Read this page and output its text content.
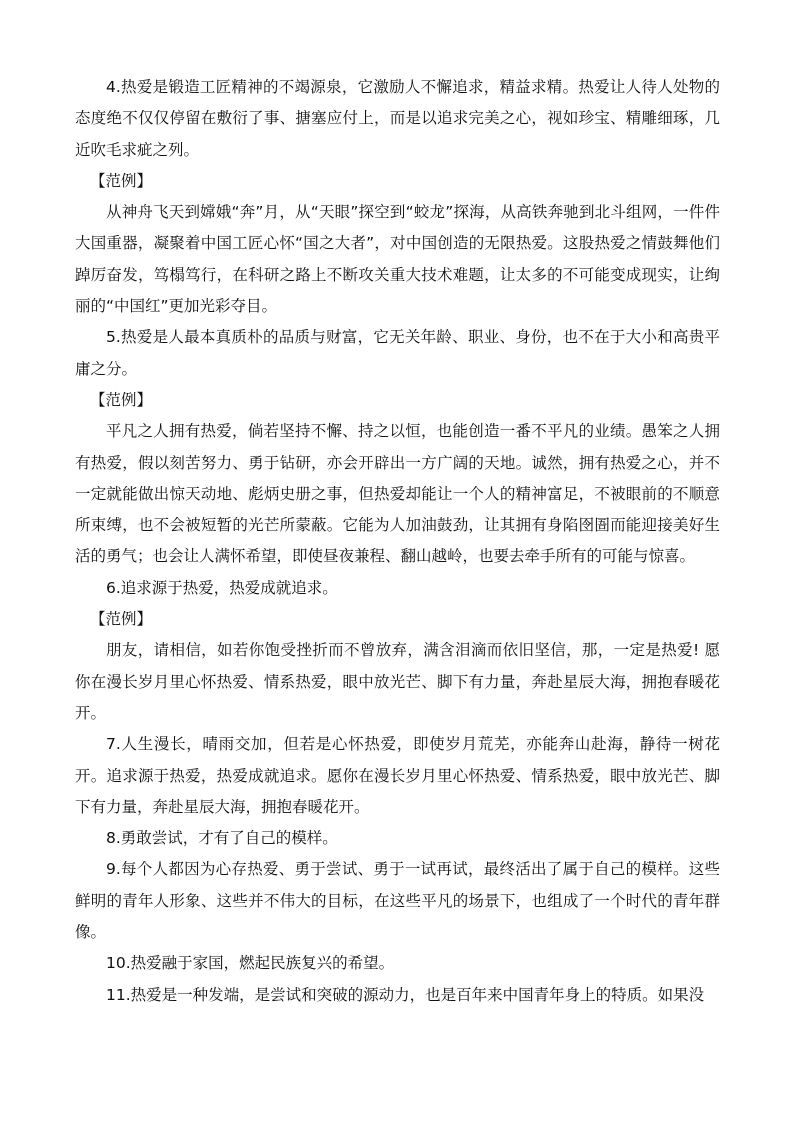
4.热爱是锻造工匠精神的不竭源泉，它激励人不懈追求，精益求精。热爱让人待人处物的态度绝不仅仅停留在敷衍了事、搪塞应付上，而是以追求完美之心，视如珍宝、精雕细琢，几近吹毛求疵之列。

【范例】

从神舟飞天到嫦娥“奔”月，从“天眼”探空到“蛟龙”探海，从高铁奔驰到北斗组网，一件件大国重器，凝聚着中国工匠心怀“国之大者”，对中国创造的无限热爱。这股热爱之情鼓舞他们踔厉奋发，笃榻笃行，在科研之路上不断攻关重大技术难题，让太多的不可能变成现实，让绚丽的“中国红”更加光彩夺目。

5.热爱是人最本真质朴的品质与财富，它无关年龄、职业、身份，也不在于大小和高贵平庸之分。

【范例】

平凡之人拥有热爱，倘若坚持不懈、持之以恒，也能创造一番不平凡的业绩。愚笨之人拥有热爱，假以刻苦努力、勇于钻研，亦会开辟出一方广阔的天地。诚然，拥有热爱之心，并不一定就能做出惊天动地、彪炳史册之事，但热爱却能让一个人的精神富足，不被眼前的不顺意所束缚，也不会被短暂的光芒所蒙蔽。它能为人加油鼓劲，让其拥有身陷囹圄而能迎接美好生活的勇气；也会让人满怀希望，即使昼夜兼程、翻山越岭，也要去牵手所有的可能与惊喜。

6.追求源于热爱，热爱成就追求。

【范例】

朋友，请相信，如若你饱受挫折而不曾放弃，满含泪滴而依旧坚信，那，一定是热爱! 愿你在漫长岁月里心怀热爱、情系热爱，眼中放光芒、脚下有力量，奔赴星辰大海，拥抱春暖花开。

7.人生漫长，晴雨交加，但若是心怀热爱，即使岁月荒芜，亦能奔山赴海，静待一树花开。追求源于热爱，热爱成就追求。愿你在漫长岁月里心怀热爱、情系热爱，眼中放光芒、脚下有力量，奔赴星辰大海，拥抱春暖花开。

8.勇敢尝试，才有了自己的模样。

9.每个人都因为心存热爱、勇于尝试、勇于一试再试，最终活出了属于自己的模样。这些鲜明的青年人形象、这些并不伟大的目标，在这些平凡的场景下，也组成了一个时代的青年群像。

10.热爱融于家国，燃起民族复兴的希望。

11.热爱是一种发端，是尝试和突破的源动力，也是百年来中国青年身上的特质。如果没
